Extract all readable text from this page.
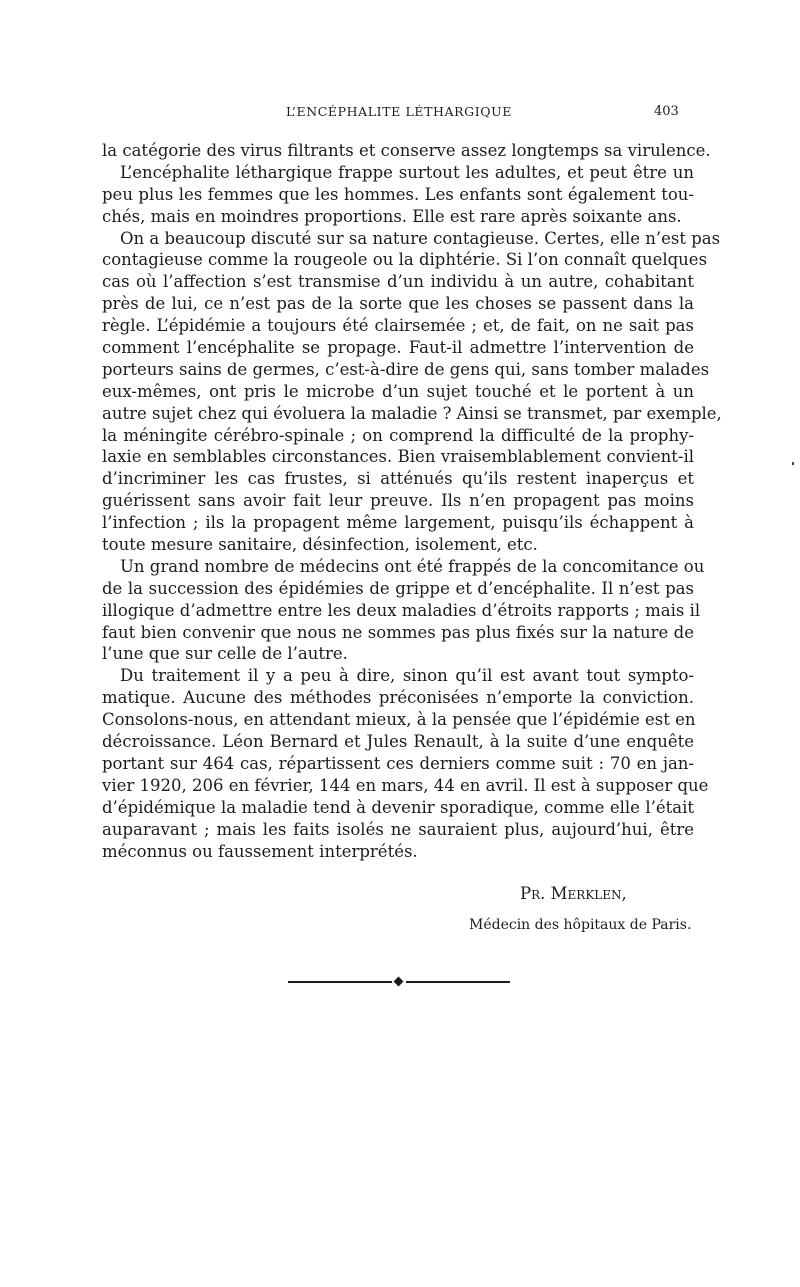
L’ENCÉPHALITE LÉTHARGIQUE	403
la catégorie des virus filtrants et conserve assez longtemps sa virulence.
L’encéphalite léthargique frappe surtout les adultes, et peut être un
peu plus les femmes que les hommes. Les enfants sont également tou-
chés, mais en moindres proportions. Elle est rare après soixante ans.
On a beaucoup discuté sur sa nature contagieuse. Certes, elle n’est pas
contagieuse comme la rougeole ou la diphtérie. Si l’on connaît quelques
cas où l’affection s’est transmise d’un individu à un autre, cohabitant
près de lui, ce n’est pas de la sorte que les choses se passent dans la
règle. L’épidémie a toujours été clairsemée ; et, de fait, on ne sait pas
comment l’encéphalite se propage. Faut-il admettre l’intervention de
porteurs sains de germes, c’est-à-dire de gens qui, sans tomber malades
eux-mêmes, ont pris le microbe d’un sujet touché et le portent à un
autre sujet chez qui évoluera la maladie ? Ainsi se transmet, par exemple,
la méningite cérébro-spinale ; on comprend la difficulté de la prophy-
laxie en semblables circonstances. Bien vraisemblablement convient-il
d’incriminer les cas frustes, si atténués qu’ils restent inaperçus et
guérissent sans avoir fait leur preuve. Ils n’en propagent pas moins
l’infection ; ils la propagent même largement, puisqu’ils échappent à
toute mesure sanitaire, désinfection, isolement, etc.
Un grand nombre de médecins ont été frappés de la concomitance ou
de la succession des épidémies de grippe et d’encéphalite. Il n’est pas
illogique d’admettre entre les deux maladies d’étroits rapports ; mais il
faut bien convenir que nous ne sommes pas plus fixés sur la nature de
l’une que sur celle de l’autre.
Du traitement il y a peu à dire, sinon qu’il est avant tout sympto-
matique. Aucune des méthodes préconisées n’emporte la conviction.
Consolons-nous, en attendant mieux, à la pensée que l’épidémie est en
décroissance. Léon Bernard et Jules Renault, à la suite d’une enquête
portant sur 464 cas, répartissent ces derniers comme suit : 70 en jan-
vier 1920, 206 en février, 144 en mars, 44 en avril. Il est à supposer que
d’épidémique la maladie tend à devenir sporadique, comme elle l’était
auparavant ; mais les faits isolés ne sauraient plus, aujourd’hui, être
méconnus ou faussement interprétés.
Pr. Merklen,
Médecin des hôpitaux de Paris.
